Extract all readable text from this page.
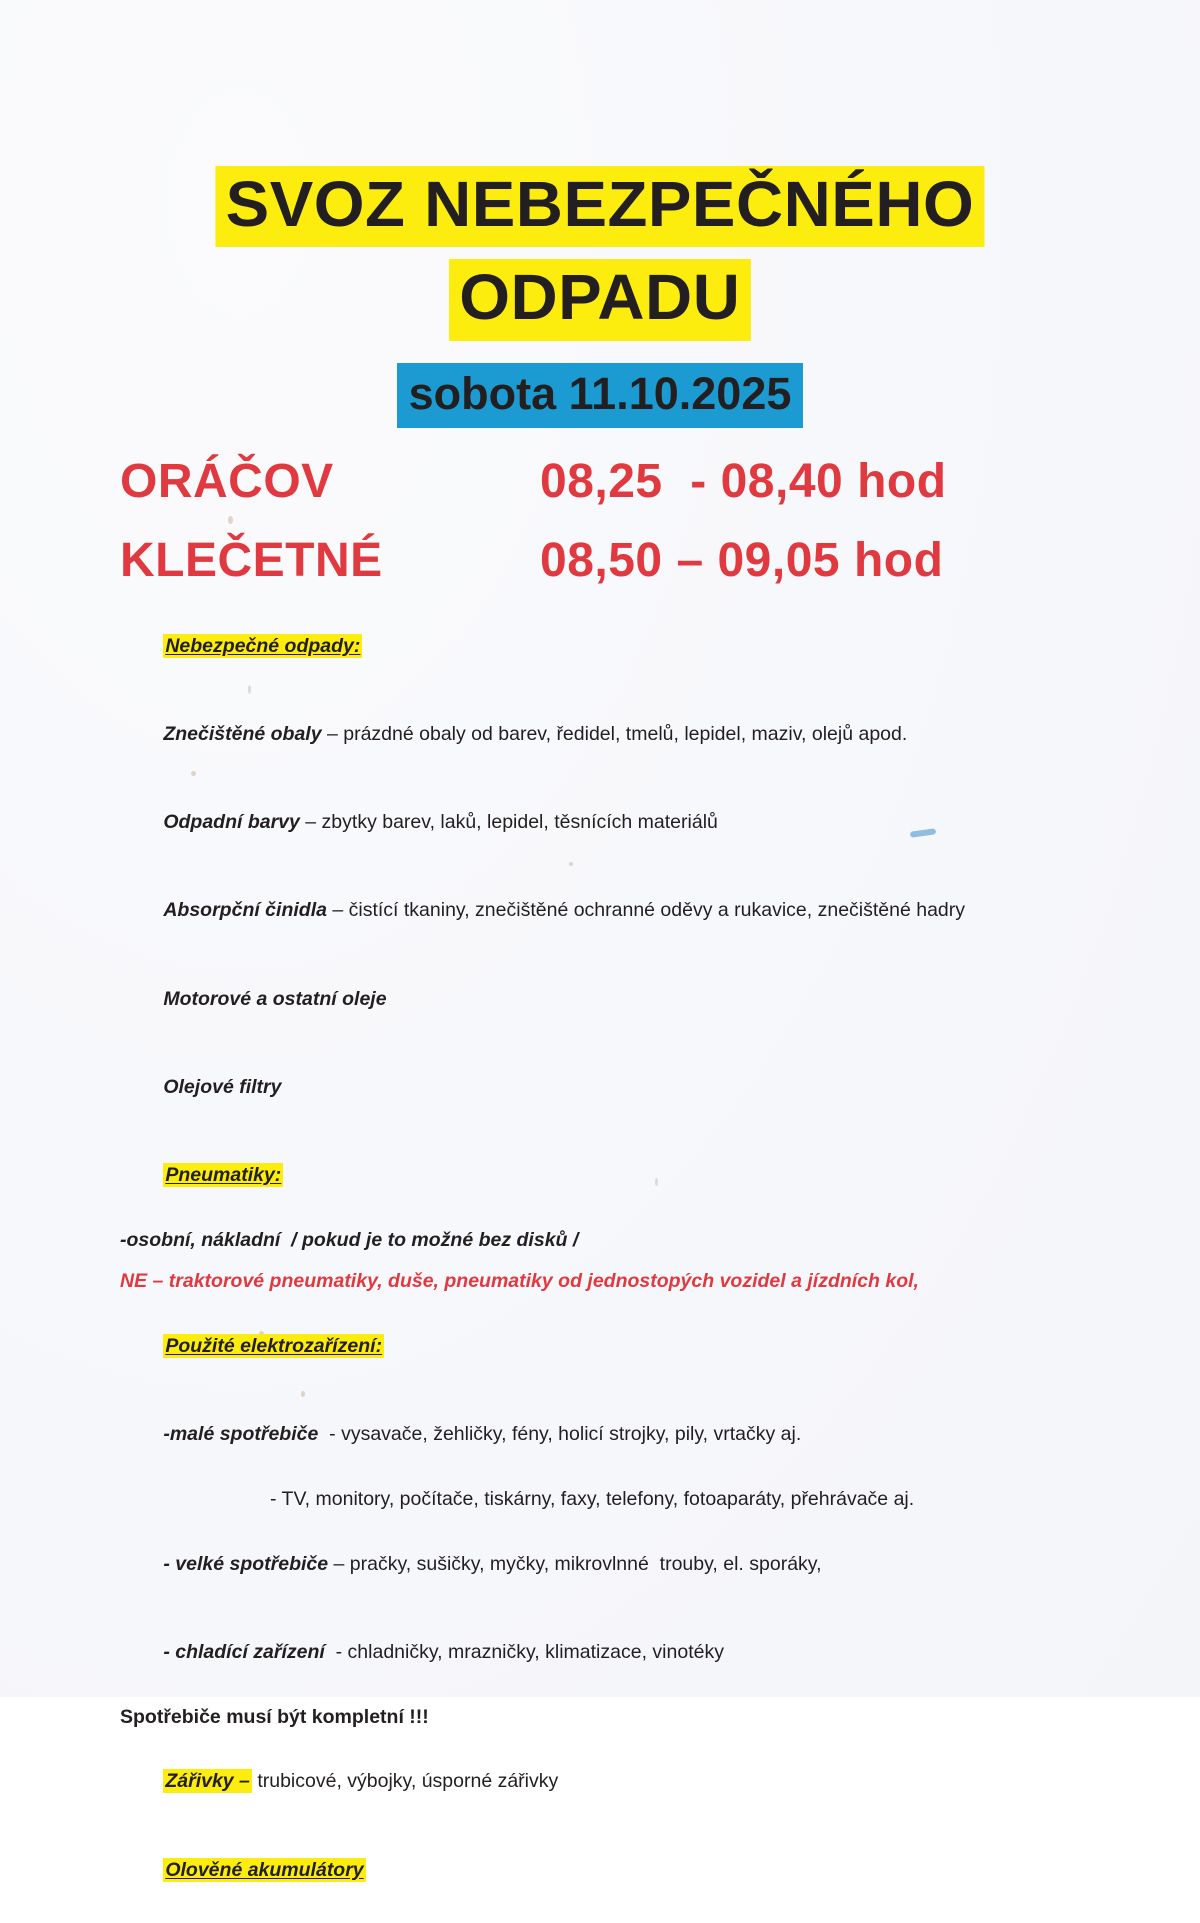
SVOZ NEBEZPEČNÉHO
ODPADU
sobota 11.10.2025
ORÁČOV	08,25  - 08,40 hod
KLEČETNÉ	08,50 – 09,05 hod

Nebezpečné odpady:

Znečištěné obaly – prázdné obaly od barev, ředidel, tmelů, lepidel, maziv, olejů apod.

Odpadní barvy – zbytky barev, laků, lepidel, těsnících materiálů

Absorpční činidla – čistící tkaniny, znečištěné ochranné oděvy a rukavice, znečištěné hadry

Motorové a ostatní oleje

Olejové filtry

Pneumatiky:

-osobní, nákladní  / pokud je to možné bez disků /
NE – traktorové pneumatiky, duše, pneumatiky od jednostopých vozidel a jízdních kol,

Použité elektrozařízení:

-malé spotřebiče  - vysavače, žehličky, fény, holicí strojky, pily, vrtačky aj.

- TV, monitory, počítače, tiskárny, faxy, telefony, fotoaparáty, přehrávače aj.

- velké spotřebiče – pračky, sušičky, myčky, mikrovlnné  trouby, el. sporáky,

- chladící zařízení  - chladničky, mrazničky, klimatizace, vinotéky

Spotřebiče musí být kompletní !!!

Zářivky – trubicové, výbojky, úsporné zářivky

Olověné akumulátory
